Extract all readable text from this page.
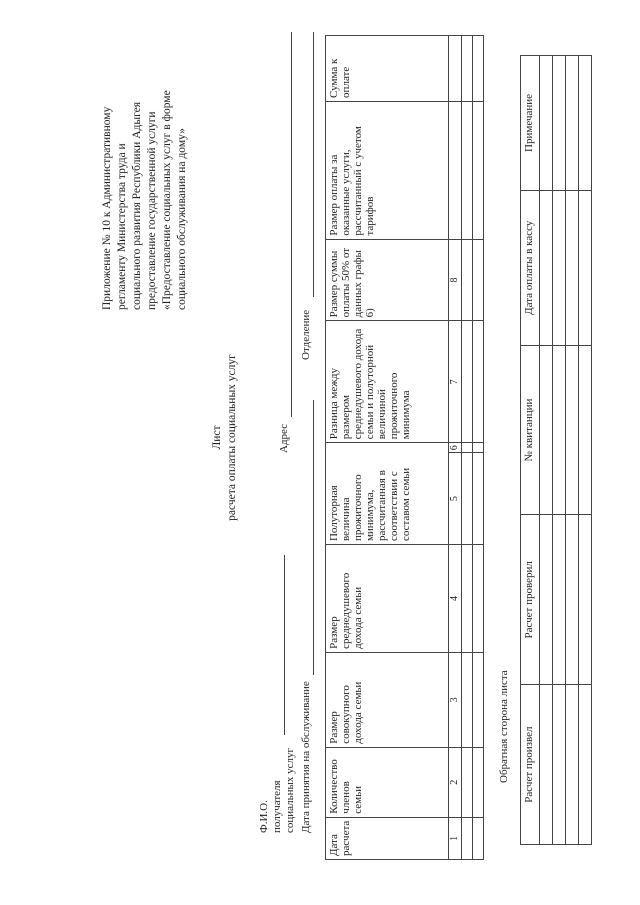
Приложение № 10 к Административному регламенту Министерства труда и социального развития Республики Адыгея предоставление государственной услуги «Предоставление социальных услуг в форме социального обслуживания на дому»
Лист расчета оплаты социальных услуг
Ф.И.О. получателя социальных услуг
Адрес
Дата принятия на обслуживание
Отделение
Дата расчета	Количество членов семьи	Размер совокупного дохода семьи	Размер среднедушевого дохода семьи	Полуторная величина прожиточного минимума, рассчитанная в соответствии с составом семьи		Разница между размером среднедушевого дохода семьи и полуторной величиной прожиточного минимума	Размер суммы оплаты 50% от данных графы 6)	Размер оплаты за оказанные услуги, рассчитанный с учетом тарифов	Сумма к оплате
1	2	3	4	5	6	7	8		

Обратная сторона листа Расчет произвел	Расчет проверил	№ квитанции	Дата оплаты в кассу	Примечание
